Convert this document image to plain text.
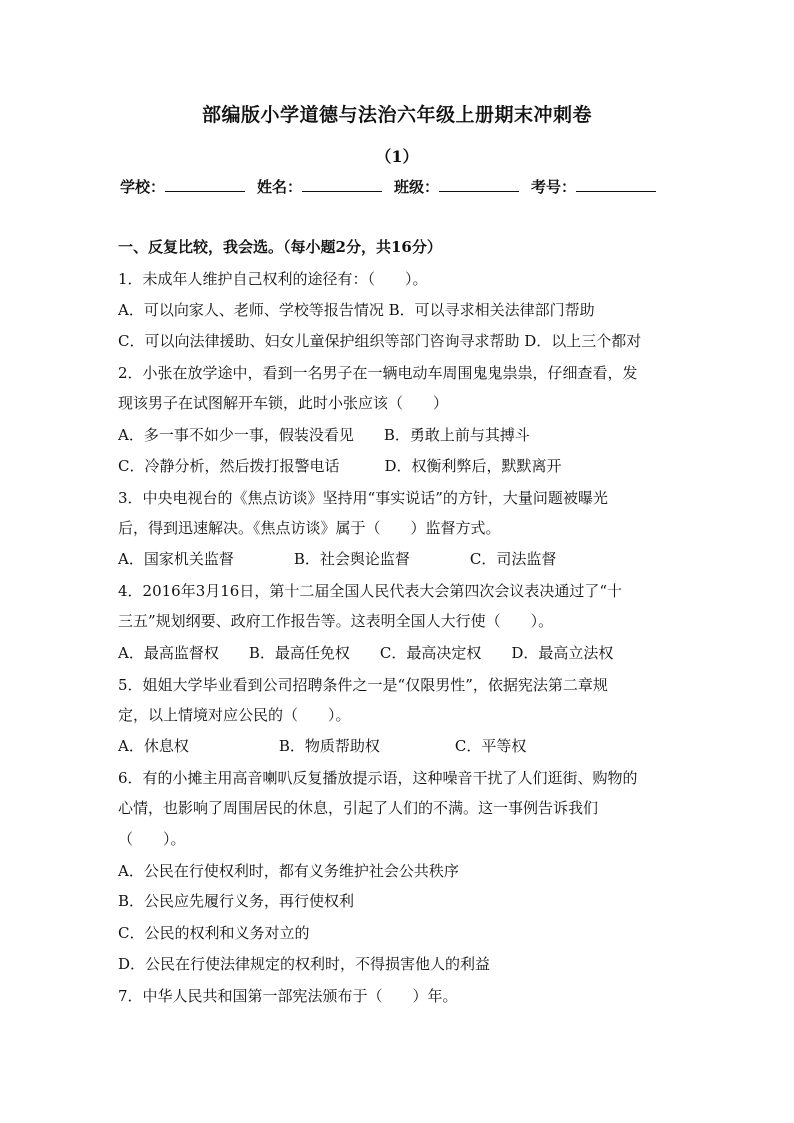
部编版小学道德与法治六年级上册期末冲刺卷
（1）
学校：	姓名：	班级：	考号：
一、反复比较，我会选。（每小题2分，共16分）
1．未成年人维护自己权利的途径有：（　　）。
A．可以向家人、老师、学校等报告情况 B．可以寻求相关法律部门帮助
C．可以向法律援助、妇女儿童保护组织等部门咨询寻求帮助 D．以上三个都对
2．小张在放学途中，看到一名男子在一辆电动车周围鬼鬼祟祟，仔细查看，发
现该男子在试图解开车锁，此时小张应该（　　）
A．多一事不如少一事，假装没看见　　B．勇敢上前与其搏斗
C．冷静分析，然后拨打报警电话　　　D．权衡利弊后，默默离开
3．中央电视台的《焦点访谈》坚持用“事实说话”的方针，大量问题被曝光
后，得到迅速解决。《焦点访谈》属于（　　）监督方式。
A．国家机关监督　　　　B．社会舆论监督　　　　C．司法监督
4．2016年3月16日，第十二届全国人民代表大会第四次会议表决通过了“十
三五”规划纲要、政府工作报告等。这表明全国人大行使（　　）。
A．最高监督权　　B．最高任免权　　C．最高决定权　　D．最高立法权
5．姐姐大学毕业看到公司招聘条件之一是“仅限男性”，依据宪法第二章规
定，以上情境对应公民的（　　）。
A．休息权　　　　　　B．物质帮助权　　　　　C．平等权
6．有的小摊主用高音喇叭反复播放提示语，这种噪音干扰了人们逛街、购物的
心情，也影响了周围居民的休息，引起了人们的不满。这一事例告诉我们
（　　）。
A．公民在行使权利时，都有义务维护社会公共秩序
B．公民应先履行义务，再行使权利
C．公民的权利和义务对立的
D．公民在行使法律规定的权利时，不得损害他人的利益
7．中华人民共和国第一部宪法颁布于（　　）年。
